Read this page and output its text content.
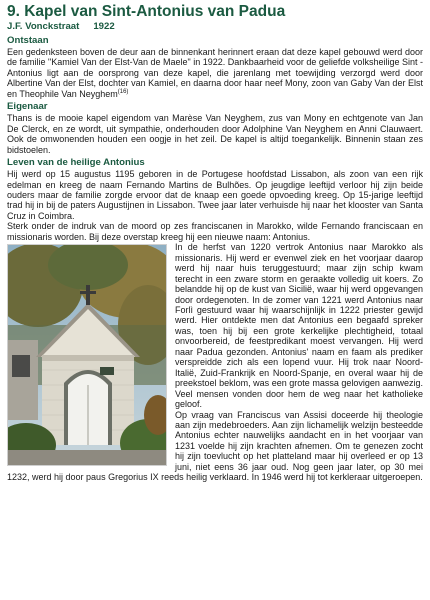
9. Kapel van Sint-Antonius van Padua
J.F. Vonckstraat 1922
Ontstaan

Een gedenksteen boven de deur aan de binnenkant herinnert eraan dat deze kapel gebouwd werd door de familie "Kamiel Van der Elst-Van de Maele" in 1922. Dankbaarheid voor de geliefde volksheilige Sint -Antonius ligt aan de oorsprong van deze kapel, die jarenlang met toewijding verzorgd werd door Albertine Van der Elst, dochter van Kamiel, en daarna door haar neef Mony, zoon van Gaby Van der Elst en Theophile Van Neyghem$^{(16)}$

Eigenaar

Thans is de mooie kapel eigendom van Marèse Van Neyghem, zus van Mony en echtgenote van Jan De Clerck, en ze wordt, uit sympathie, onderhouden door Adolphine Van Neyghem en Anni Clauwaert. Ook de omwonenden houden een oogje in het zeil. De kapel is altijd toegankelijk. Binnenin staan zes bidstoelen.

Leven van de heilige Antonius

Hij werd op 15 augustus 1195 geboren in de Portugese hoofdstad Lissabon, als zoon van een rijk edelman en kreeg de naam Fernando Martins de Bulhões. Op jeugdige leeftijd verloor hij zijn beide ouders maar de familie zorgde ervoor dat de knaap een goede opvoeding kreeg. Op 15-jarige leeftijd trad hij in bij de paters Augustijnen in Lissabon. Twee jaar later verhuisde hij naar het klooster van Santa Cruz in Coimbra.

Sterk onder de indruk van de moord op zes franciscanen in Marokko, wilde Fernando franciscaan en missionaris worden. Bij deze overstap kreeg hij een nieuwe naam: Antonius.

In de herfst van 1220 vertrok Antonius naar Marokko als missionaris. Hij werd er evenwel ziek en het voorjaar daarop werd hij naar huis teruggestuurd; maar zijn schip kwam terecht in een zware storm en geraakte volledig uit koers. Zo belandde hij op de kust van Sicilië, waar hij werd opgevangen door ordegenoten. In de zomer van 1221 werd Antonius naar Forlì gestuurd waar hij waarschijnlijk in 1222 priester gewijd werd. Hier ontdekte men dat Antonius een begaafd spreker was, toen hij bij een grote kerkelijke plechtigheid, totaal onvoorbereid, de feestpredikant moest vervangen. Hij werd naar Padua gezonden. Antonius' naam en faam als prediker verspreidde zich als een lopend vuur. Hij trok naar Noord-Italië, Zuid-Frankrijk en Noord-Spanje, en overal waar hij de preekstoel beklom, was een grote massa gelovigen aanwezig. Veel mensen vonden door hem de weg naar het katholieke geloof.

Op vraag van Franciscus van Assisi doceerde hij theologie aan zijn medebroeders. Aan zijn lichamelijk welzijn besteedde Antonius echter nauwelijks aandacht en in het voorjaar van 1231 voelde hij zijn krachten afnemen. Om te genezen zocht hij zijn toevlucht op het platteland maar hij overleed er op 13 juni, niet eens 36 jaar oud. Nog geen jaar later, op 30 mei 1232, werd hij door paus Gregorius IX reeds heilig verklaard. In 1946 werd hij tot kerkleraar uitgeroepen.
